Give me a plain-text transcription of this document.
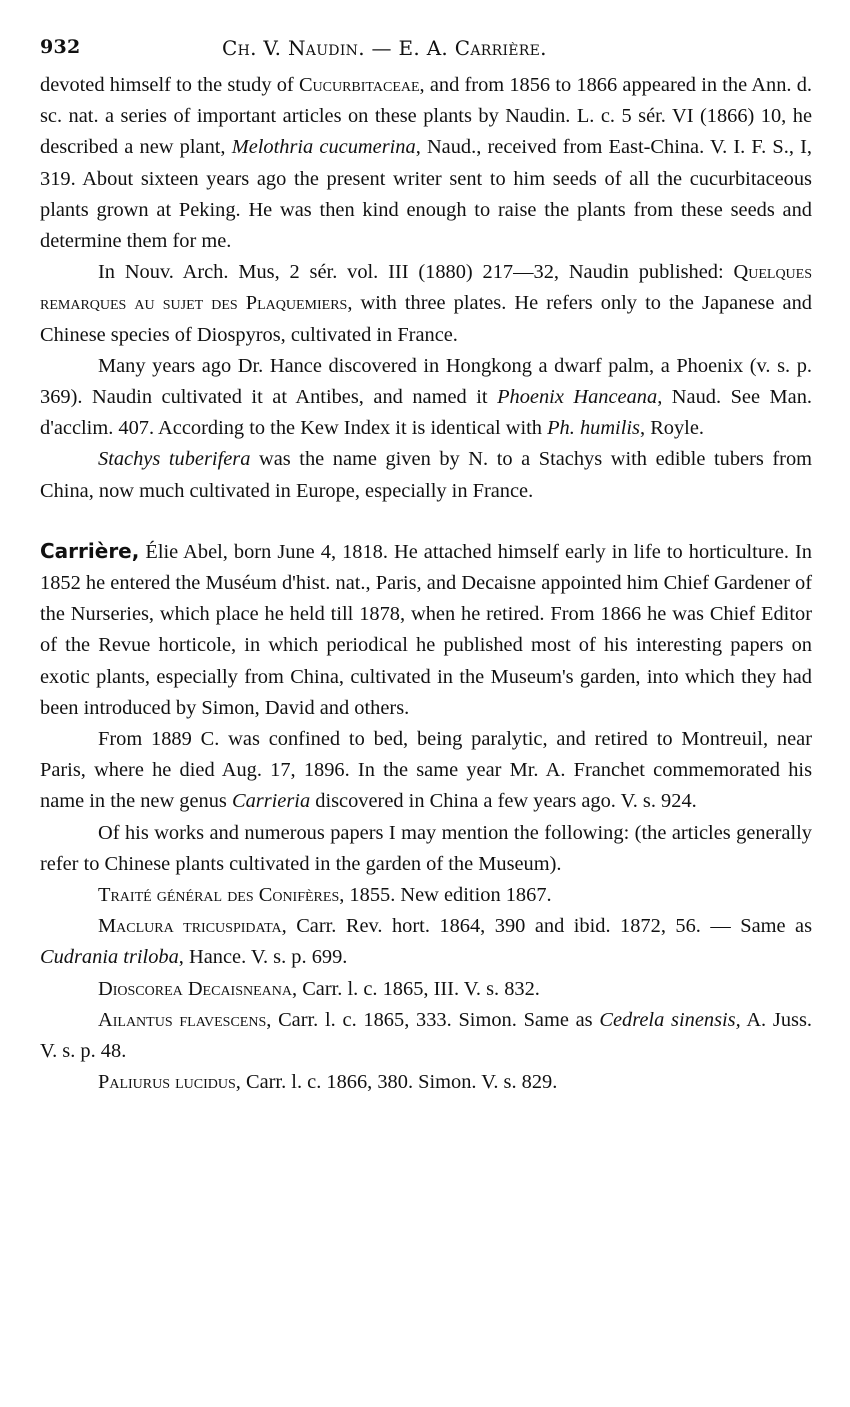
932	Ch. V. Naudin. — E. A. Carrière.

devoted himself to the study of Cucurbitaceae, and from 1856 to 1866 appeared in the Ann. d. sc. nat. a series of important articles on these plants by Naudin. L. c. 5 sér. VI (1866) 10, he described a new plant, Melothria cucumerina, Naud., received from East-China. V. I. F. S., I, 319. About sixteen years ago the present writer sent to him seeds of all the cucurbitaceous plants grown at Peking. He was then kind enough to raise the plants from these seeds and determine them for me.

In Nouv. Arch. Mus, 2 sér. vol. III (1880) 217—32, Naudin published: Quelques remarques au sujet des Plaquemiers, with three plates. He refers only to the Japanese and Chinese species of Diospyros, cultivated in France.

Many years ago Dr. Hance discovered in Hongkong a dwarf palm, a Phoenix (v. s. p. 369). Naudin cultivated it at Antibes, and named it Phoenix Hanceana, Naud. See Man. d'acclim. 407. According to the Kew Index it is identical with Ph. humilis, Royle.

Stachys tuberifera was the name given by N. to a Stachys with edible tubers from China, now much cultivated in Europe, especially in France.

Carrière, Élie Abel, born June 4, 1818. He attached himself early in life to horticulture. In 1852 he entered the Muséum d'hist. nat., Paris, and Decaisne appointed him Chief Gardener of the Nurseries, which place he held till 1878, when he retired. From 1866 he was Chief Editor of the Revue horticole, in which periodical he published most of his interesting papers on exotic plants, especially from China, cultivated in the Museum's garden, into which they had been introduced by Simon, David and others.

From 1889 C. was confined to bed, being paralytic, and retired to Montreuil, near Paris, where he died Aug. 17, 1896. In the same year Mr. A. Franchet commemorated his name in the new genus Carrieria discovered in China a few years ago. V. s. 924.

Of his works and numerous papers I may mention the following: (the articles generally refer to Chinese plants cultivated in the garden of the Museum).

Traité général des Conifères, 1855. New edition 1867.

Maclura tricuspidata, Carr. Rev. hort. 1864, 390 and ibid. 1872, 56. — Same as Cudrania triloba, Hance. V. s. p. 699.

Dioscorea Decaisneana, Carr. l. c. 1865, III. V. s. 832.

Ailantus flavescens, Carr. l. c. 1865, 333. Simon. Same as Cedrela sinensis, A. Juss. V. s. p. 48.

Paliurus lucidus, Carr. l. c. 1866, 380. Simon. V. s. 829.
